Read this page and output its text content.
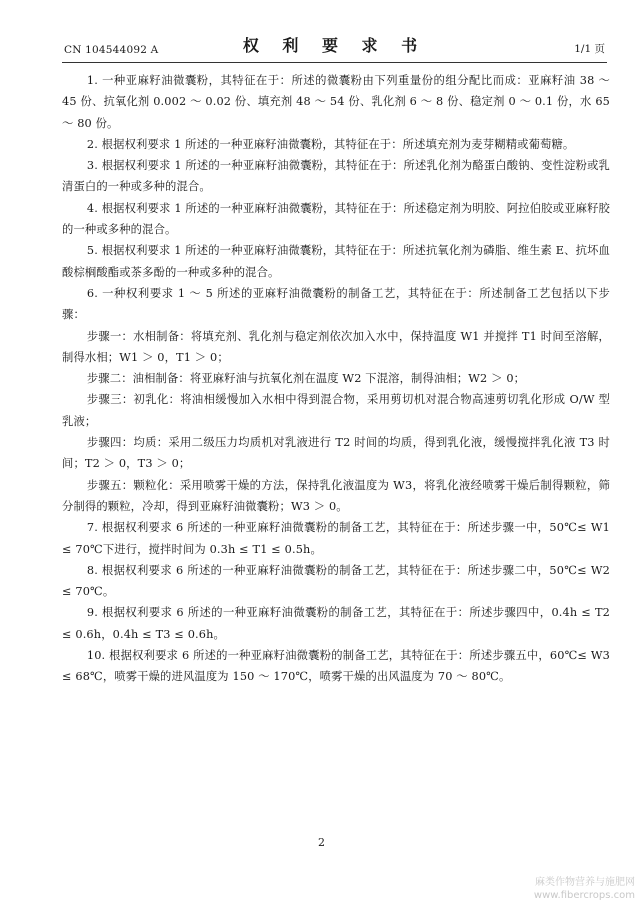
CN 104544092 A	权 利 要 求 书	1/1 页

1. 一种亚麻籽油微囊粉，其特征在于：所述的微囊粉由下列重量份的组分配比而成：亚麻籽油 38 ～ 45 份、抗氧化剂 0.002 ～ 0.02 份、填充剂 48 ～ 54 份、乳化剂 6 ～ 8 份、稳定剂 0 ～ 0.1 份，水 65 ～ 80 份。

2. 根据权利要求 1 所述的一种亚麻籽油微囊粉，其特征在于：所述填充剂为麦芽糊精或葡萄糖。

3. 根据权利要求 1 所述的一种亚麻籽油微囊粉，其特征在于：所述乳化剂为酪蛋白酸钠、变性淀粉或乳清蛋白的一种或多种的混合。

4. 根据权利要求 1 所述的一种亚麻籽油微囊粉，其特征在于：所述稳定剂为明胶、阿拉伯胶或亚麻籽胶的一种或多种的混合。

5. 根据权利要求 1 所述的一种亚麻籽油微囊粉，其特征在于：所述抗氧化剂为磷脂、维生素 E、抗坏血酸棕榈酸酯或茶多酚的一种或多种的混合。

6. 一种权利要求 1 ～ 5 所述的亚麻籽油微囊粉的制备工艺，其特征在于：所述制备工艺包括以下步骤：

步骤一：水相制备：将填充剂、乳化剂与稳定剂依次加入水中，保持温度 W1 并搅拌 T1 时间至溶解，制得水相；W1 ＞ 0，T1 ＞ 0；

步骤二：油相制备：将亚麻籽油与抗氧化剂在温度 W2 下混溶，制得油相；W2 ＞ 0；

步骤三：初乳化：将油相缓慢加入水相中得到混合物，采用剪切机对混合物高速剪切乳化形成 O/W 型乳液；

步骤四：均质：采用二级压力均质机对乳液进行 T2 时间的均质，得到乳化液，缓慢搅拌乳化液 T3 时间；T2 ＞ 0，T3 ＞ 0；

步骤五：颗粒化：采用喷雾干燥的方法，保持乳化液温度为 W3，将乳化液经喷雾干燥后制得颗粒，筛分制得的颗粒，冷却，得到亚麻籽油微囊粉；W3 ＞ 0。

7. 根据权利要求 6 所述的一种亚麻籽油微囊粉的制备工艺，其特征在于：所述步骤一中，50℃≤ W1 ≤ 70℃下进行，搅拌时间为 0.3h ≤ T1 ≤ 0.5h。

8. 根据权利要求 6 所述的一种亚麻籽油微囊粉的制备工艺，其特征在于：所述步骤二中，50℃≤ W2 ≤ 70℃。

9. 根据权利要求 6 所述的一种亚麻籽油微囊粉的制备工艺，其特征在于：所述步骤四中，0.4h ≤ T2 ≤ 0.6h，0.4h ≤ T3 ≤ 0.6h。

10. 根据权利要求 6 所述的一种亚麻籽油微囊粉的制备工艺，其特征在于：所述步骤五中，60℃≤ W3 ≤ 68℃，喷雾干燥的进风温度为 150 ～ 170℃，喷雾干燥的出风温度为 70 ～ 80℃。

2
麻类作物营养与施肥网
www.fibercrops.com
